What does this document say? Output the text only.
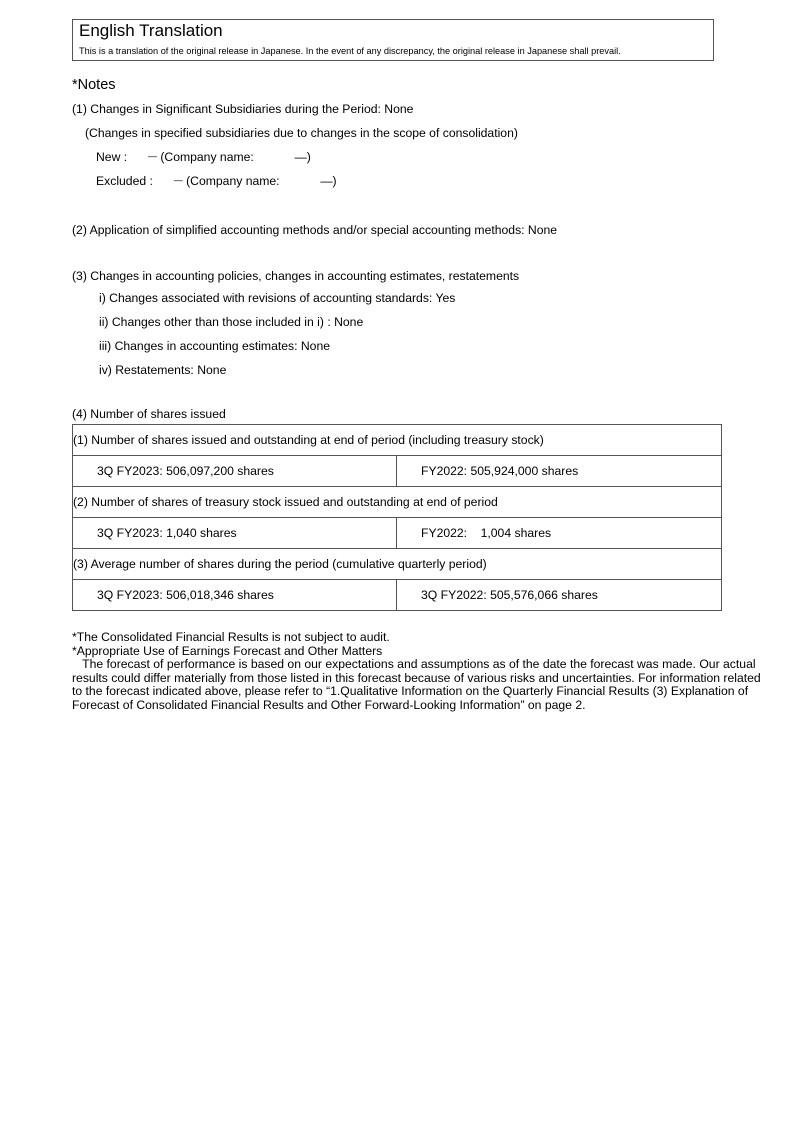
English Translation
This is a translation of the original release in Japanese. In the event of any discrepancy, the original release in Japanese shall prevail.
*Notes
(1) Changes in Significant Subsidiaries during the Period: None
(Changes in specified subsidiaries due to changes in the scope of consolidation)
New : — (Company name:	—)
Excluded : — (Company name:	—)
(2) Application of simplified accounting methods and/or special accounting methods: None
(3) Changes in accounting policies, changes in accounting estimates, restatements
i) Changes associated with revisions of accounting standards: Yes
ii) Changes other than those included in i) : None
iii) Changes in accounting estimates: None
iv) Restatements: None
(4) Number of shares issued
(1) Number of shares issued and outstanding at end of period (including treasury stock)	
3Q FY2023: 506,097,200 shares	FY2022: 505,924,000 shares
(2) Number of shares of treasury stock issued and outstanding at end of period	
3Q FY2023: 1,040 shares	FY2022:    1,004 shares
(3) Average number of shares during the period (cumulative quarterly period)	
3Q FY2023: 506,018,346 shares	3Q FY2022: 505,576,066 shares
*The Consolidated Financial Results is not subject to audit.
*Appropriate Use of Earnings Forecast and Other Matters
The forecast of performance is based on our expectations and assumptions as of the date the forecast was made. Our actual results could differ materially from those listed in this forecast because of various risks and uncertainties. For information related to the forecast indicated above, please refer to “1.Qualitative Information on the Quarterly Financial Results (3) Explanation of Forecast of Consolidated Financial Results and Other Forward-Looking Information” on page 2.
